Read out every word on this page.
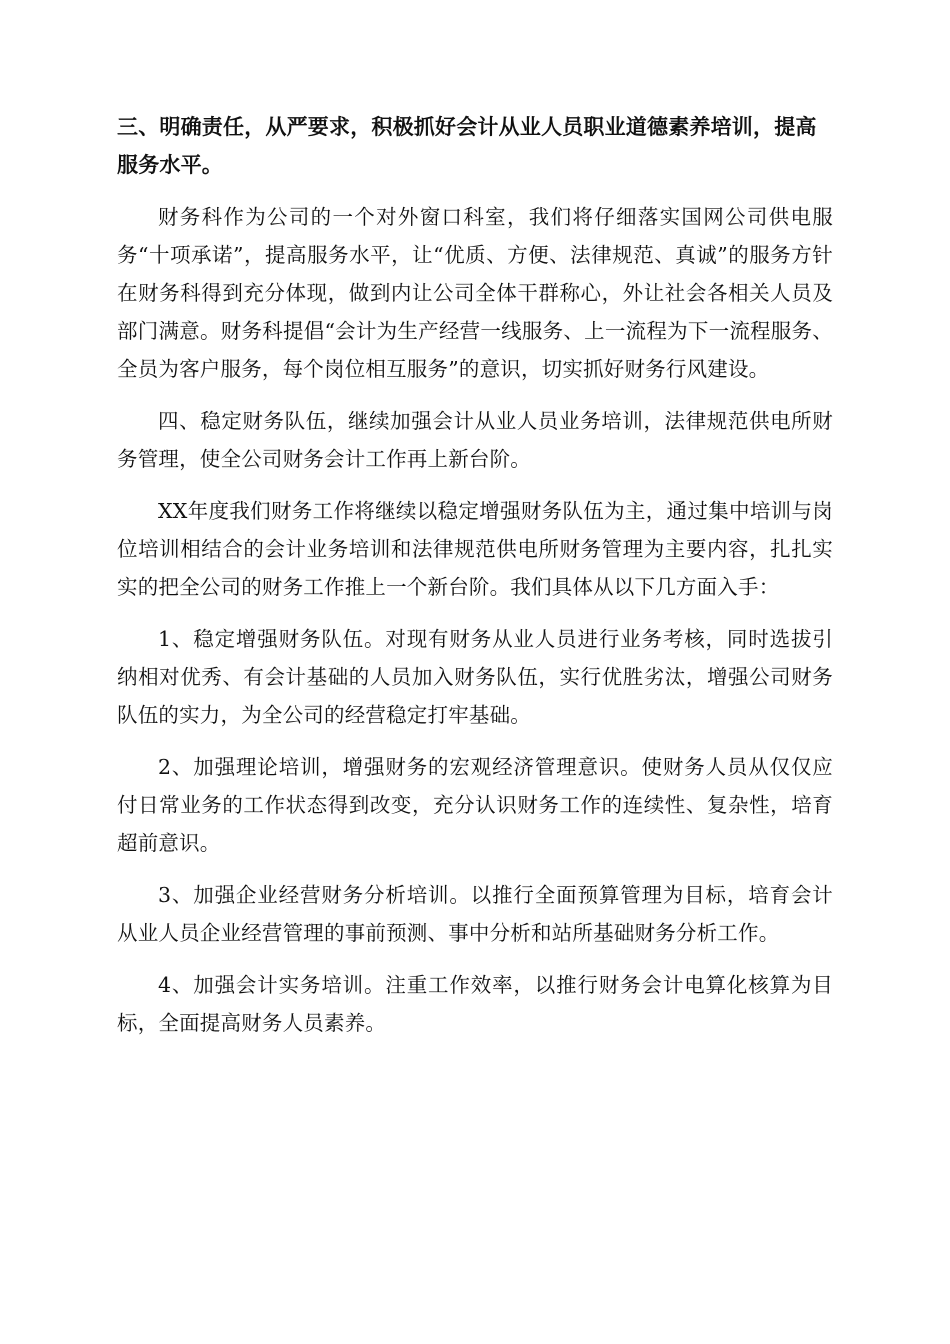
三、明确责任，从严要求，积极抓好会计从业人员职业道德素养培训，提高服务水平。

财务科作为公司的一个对外窗口科室，我们将仔细落实国网公司供电服务“十项承诺”，提高服务水平，让“优质、方便、法律规范、真诚”的服务方针在财务科得到充分体现，做到内让公司全体干群称心，外让社会各相关人员及部门满意。财务科提倡“会计为生产经营一线服务、上一流程为下一流程服务、全员为客户服务，每个岗位相互服务”的意识，切实抓好财务行风建设。

四、稳定财务队伍，继续加强会计从业人员业务培训，法律规范供电所财务管理，使全公司财务会计工作再上新台阶。

XX年度我们财务工作将继续以稳定增强财务队伍为主，通过集中培训与岗位培训相结合的会计业务培训和法律规范供电所财务管理为主要内容，扎扎实实的把全公司的财务工作推上一个新台阶。我们具体从以下几方面入手：

1、稳定增强财务队伍。对现有财务从业人员进行业务考核，同时选拔引纳相对优秀、有会计基础的人员加入财务队伍，实行优胜劣汰，增强公司财务队伍的实力，为全公司的经营稳定打牢基础。

2、加强理论培训，增强财务的宏观经济管理意识。使财务人员从仅仅应付日常业务的工作状态得到改变，充分认识财务工作的连续性、复杂性，培育超前意识。

3、加强企业经营财务分析培训。以推行全面预算管理为目标，培育会计从业人员企业经营管理的事前预测、事中分析和站所基础财务分析工作。

4、加强会计实务培训。注重工作效率，以推行财务会计电算化核算为目标，全面提高财务人员素养。
